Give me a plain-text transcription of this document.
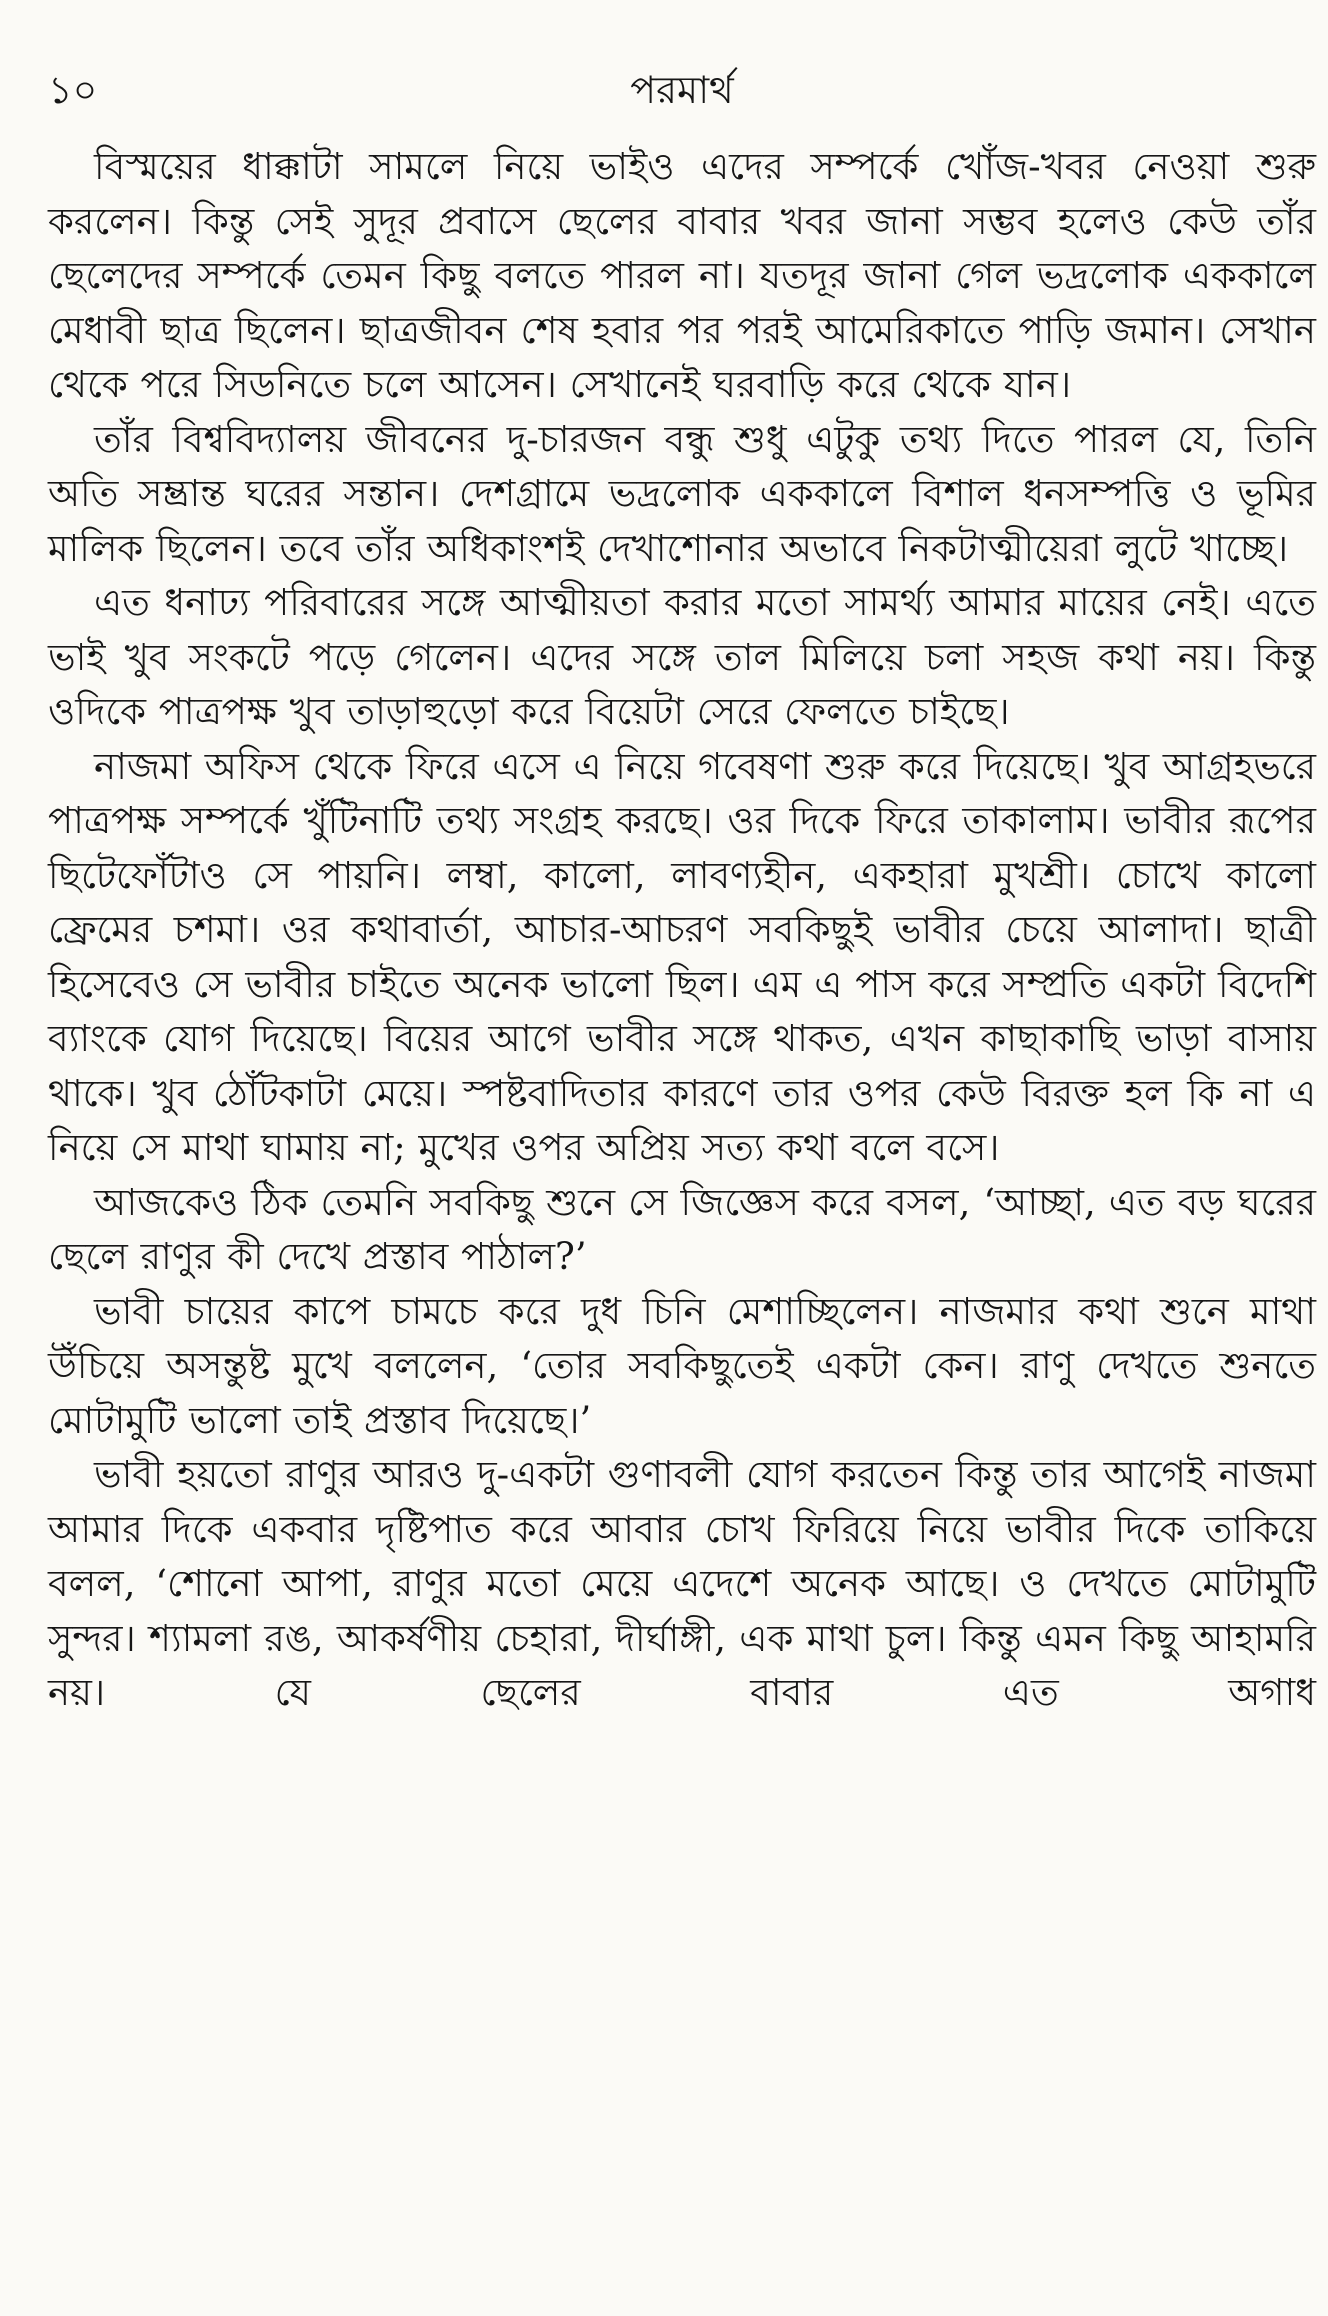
১০	পরমার্থ

বিস্ময়ের ধাক্কাটা সামলে নিয়ে ভাইও এদের সম্পর্কে খোঁজ-খবর নেওয়া শুরু করলেন। কিন্তু সেই সুদূর প্রবাসে ছেলের বাবার খবর জানা সম্ভব হলেও কেউ তাঁর ছেলেদের সম্পর্কে তেমন কিছু বলতে পারল না। যতদূর জানা গেল ভদ্রলোক এককালে মেধাবী ছাত্র ছিলেন। ছাত্রজীবন শেষ হবার পর পরই আমেরিকাতে পাড়ি জমান। সেখান থেকে পরে সিডনিতে চলে আসেন। সেখানেই ঘরবাড়ি করে থেকে যান।

তাঁর বিশ্ববিদ্যালয় জীবনের দু-চারজন বন্ধু শুধু এটুকু তথ্য দিতে পারল যে, তিনি অতি সম্ভ্রান্ত ঘরের সন্তান। দেশগ্রামে ভদ্রলোক এককালে বিশাল ধনসম্পত্তি ও ভূমির মালিক ছিলেন। তবে তাঁর অধিকাংশই দেখাশোনার অভাবে নিকটাত্মীয়েরা লুটে খাচ্ছে।

এত ধনাঢ্য পরিবারের সঙ্গে আত্মীয়তা করার মতো সামর্থ্য আমার মায়ের নেই। এতে ভাই খুব সংকটে পড়ে গেলেন। এদের সঙ্গে তাল মিলিয়ে চলা সহজ কথা নয়। কিন্তু ওদিকে পাত্রপক্ষ খুব তাড়াহুড়ো করে বিয়েটা সেরে ফেলতে চাইছে।

নাজমা অফিস থেকে ফিরে এসে এ নিয়ে গবেষণা শুরু করে দিয়েছে। খুব আগ্রহভরে পাত্রপক্ষ সম্পর্কে খুঁটিনাটি তথ্য সংগ্রহ করছে। ওর দিকে ফিরে তাকালাম। ভাবীর রূপের ছিটেফোঁটাও সে পায়নি। লম্বা, কালো, লাবণ্যহীন, একহারা মুখশ্রী। চোখে কালো ফ্রেমের চশমা। ওর কথাবার্তা, আচার-আচরণ সবকিছুই ভাবীর চেয়ে আলাদা। ছাত্রী হিসেবেও সে ভাবীর চাইতে অনেক ভালো ছিল। এম এ পাস করে সম্প্রতি একটা বিদেশি ব্যাংকে যোগ দিয়েছে। বিয়ের আগে ভাবীর সঙ্গে থাকত, এখন কাছাকাছি ভাড়া বাসায় থাকে। খুব ঠোঁটকাটা মেয়ে। স্পষ্টবাদিতার কারণে তার ওপর কেউ বিরক্ত হল কি না এ নিয়ে সে মাথা ঘামায় না; মুখের ওপর অপ্রিয় সত্য কথা বলে বসে।

আজকেও ঠিক তেমনি সবকিছু শুনে সে জিজ্ঞেস করে বসল, ‘আচ্ছা, এত বড় ঘরের ছেলে রাণুর কী দেখে প্রস্তাব পাঠাল?’

ভাবী চায়ের কাপে চামচে করে দুধ চিনি মেশাচ্ছিলেন। নাজমার কথা শুনে মাথা উঁচিয়ে অসন্তুষ্ট মুখে বললেন, ‘তোর সবকিছুতেই একটা কেন। রাণু দেখতে শুনতে মোটামুটি ভালো তাই প্রস্তাব দিয়েছে।’

ভাবী হয়তো রাণুর আরও দু-একটা গুণাবলী যোগ করতেন কিন্তু তার আগেই নাজমা আমার দিকে একবার দৃষ্টিপাত করে আবার চোখ ফিরিয়ে নিয়ে ভাবীর দিকে তাকিয়ে বলল, ‘শোনো আপা, রাণুর মতো মেয়ে এদেশে অনেক আছে। ও দেখতে মোটামুটি সুন্দর। শ্যামলা রঙ, আকর্ষণীয় চেহারা, দীর্ঘাঙ্গী, এক মাথা চুল। কিন্তু এমন কিছু আহামরি নয়। যে ছেলের বাবার এত অগাধ
